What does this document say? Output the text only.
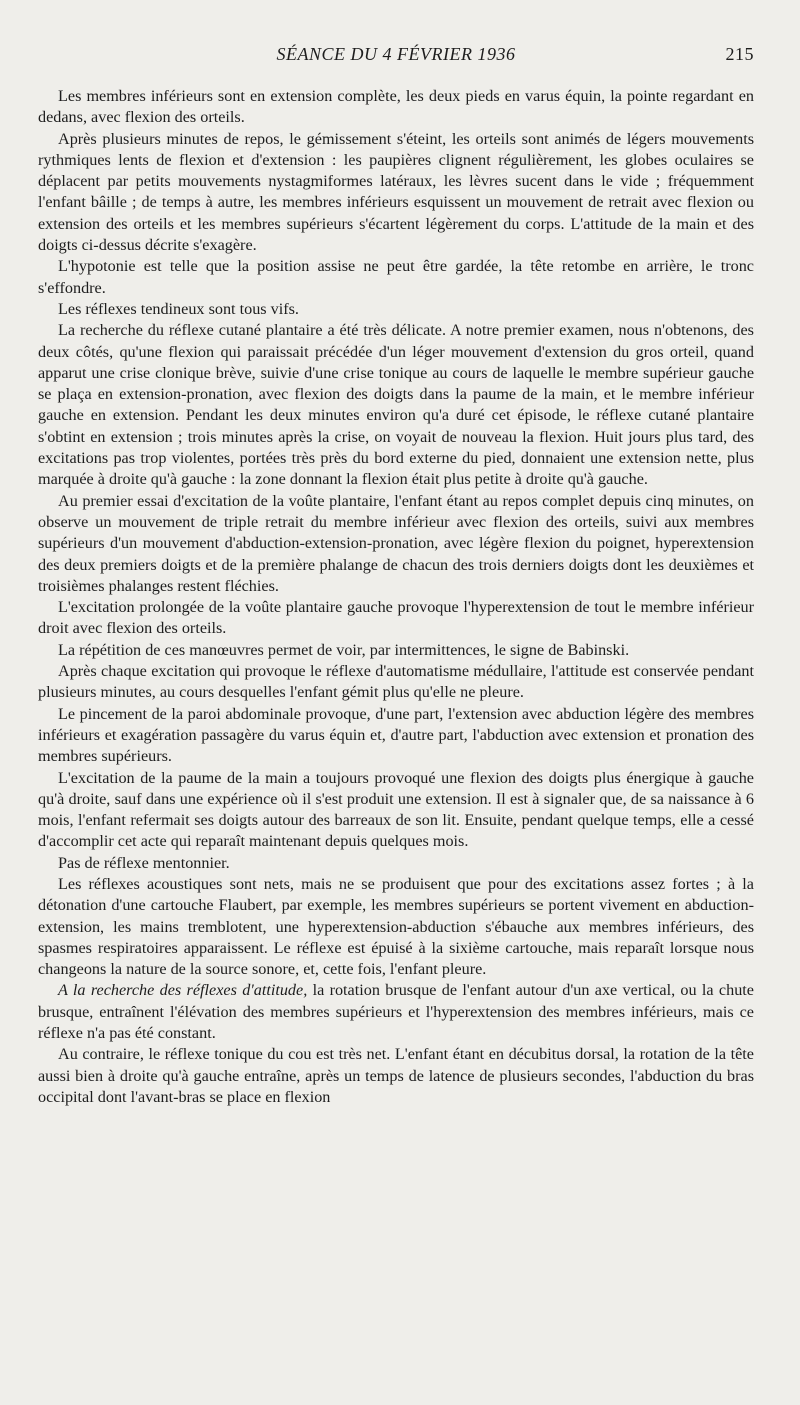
SÉANCE DU 4 FÉVRIER 1936	215

Les membres inférieurs sont en extension complète, les deux pieds en varus équin, la pointe regardant en dedans, avec flexion des orteils.

Après plusieurs minutes de repos, le gémissement s'éteint, les orteils sont animés de légers mouvements rythmiques lents de flexion et d'extension : les paupières clignent régulièrement, les globes oculaires se déplacent par petits mouvements nystagmiformes latéraux, les lèvres sucent dans le vide ; fréquemment l'enfant bâille ; de temps à autre, les membres inférieurs esquissent un mouvement de retrait avec flexion ou extension des orteils et les membres supérieurs s'écartent légèrement du corps. L'attitude de la main et des doigts ci-dessus décrite s'exagère.

L'hypotonie est telle que la position assise ne peut être gardée, la tête retombe en arrière, le tronc s'effondre.

Les réflexes tendineux sont tous vifs.

La recherche du réflexe cutané plantaire a été très délicate. A notre premier examen, nous n'obtenons, des deux côtés, qu'une flexion qui paraissait précédée d'un léger mouvement d'extension du gros orteil, quand apparut une crise clonique brève, suivie d'une crise tonique au cours de laquelle le membre supérieur gauche se plaça en extension-pronation, avec flexion des doigts dans la paume de la main, et le membre inférieur gauche en extension. Pendant les deux minutes environ qu'a duré cet épisode, le réflexe cutané plantaire s'obtint en extension ; trois minutes après la crise, on voyait de nouveau la flexion. Huit jours plus tard, des excitations pas trop violentes, portées très près du bord externe du pied, donnaient une extension nette, plus marquée à droite qu'à gauche : la zone donnant la flexion était plus petite à droite qu'à gauche.

Au premier essai d'excitation de la voûte plantaire, l'enfant étant au repos complet depuis cinq minutes, on observe un mouvement de triple retrait du membre inférieur avec flexion des orteils, suivi aux membres supérieurs d'un mouvement d'abduction-extension-pronation, avec légère flexion du poignet, hyperextension des deux premiers doigts et de la première phalange de chacun des trois derniers doigts dont les deuxièmes et troisièmes phalanges restent fléchies.

L'excitation prolongée de la voûte plantaire gauche provoque l'hyperextension de tout le membre inférieur droit avec flexion des orteils.

La répétition de ces manœuvres permet de voir, par intermittences, le signe de Babinski.

Après chaque excitation qui provoque le réflexe d'automatisme médullaire, l'attitude est conservée pendant plusieurs minutes, au cours desquelles l'enfant gémit plus qu'elle ne pleure.

Le pincement de la paroi abdominale provoque, d'une part, l'extension avec abduction légère des membres inférieurs et exagération passagère du varus équin et, d'autre part, l'abduction avec extension et pronation des membres supérieurs.

L'excitation de la paume de la main a toujours provoqué une flexion des doigts plus énergique à gauche qu'à droite, sauf dans une expérience où il s'est produit une extension. Il est à signaler que, de sa naissance à 6 mois, l'enfant refermait ses doigts autour des barreaux de son lit. Ensuite, pendant quelque temps, elle a cessé d'accomplir cet acte qui reparaît maintenant depuis quelques mois.

Pas de réflexe mentonnier.

Les réflexes acoustiques sont nets, mais ne se produisent que pour des excitations assez fortes ; à la détonation d'une cartouche Flaubert, par exemple, les membres supérieurs se portent vivement en abduction-extension, les mains tremblotent, une hyperextension-abduction s'ébauche aux membres inférieurs, des spasmes respiratoires apparaissent. Le réflexe est épuisé à la sixième cartouche, mais reparaît lorsque nous changeons la nature de la source sonore, et, cette fois, l'enfant pleure.

A la recherche des réflexes d'attitude, la rotation brusque de l'enfant autour d'un axe vertical, ou la chute brusque, entraînent l'élévation des membres supérieurs et l'hyperextension des membres inférieurs, mais ce réflexe n'a pas été constant.

Au contraire, le réflexe tonique du cou est très net. L'enfant étant en décubitus dorsal, la rotation de la tête aussi bien à droite qu'à gauche entraîne, après un temps de latence de plusieurs secondes, l'abduction du bras occipital dont l'avant-bras se place en flexion
